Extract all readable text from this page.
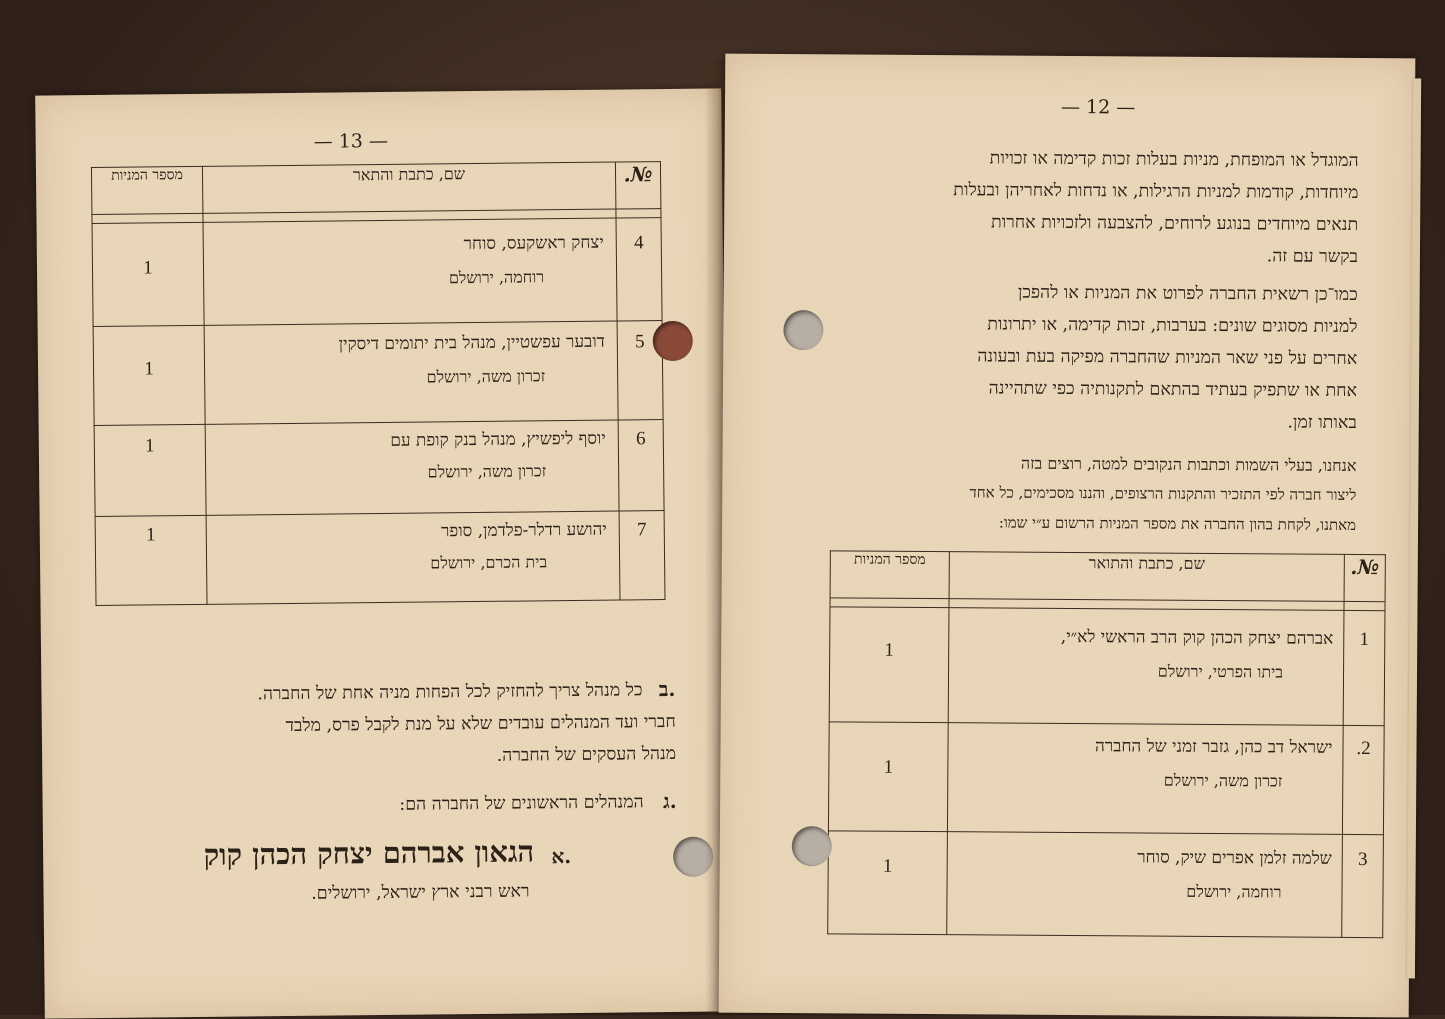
— 13 —
№.	שם, כתבת והתאר	מספר המניות

4	יצחק ראשקעס, סוחר
רוחמה, ירושלם	1
5	דובער עפשטיין, מנהל בית יתומים דיסקין
זכרון משה, ירושלם	1
6	יוסף ליפשיץ, מנהל בנק קופת עם
זכרון משה, ירושלם	1
7	יהושע רדלר-פלדמן, סופר
בית הכרם, ירושלם	1
ב.
כל מנהל צריך להחזיק לכל הפחות מניה אחת של החברה.
חברי ועד המנהלים עובדים שלא על מנת לקבל פרס, מלבד
מנהל העסקים של החברה.
ג.
המנהלים הראשונים של החברה הם:
א.
הגאון אברהם יצחק הכהן קוק
ראש רבני ארץ ישראל, ירושלים.
— 12 —
המוגדל או המופחת, מניות בעלות זכות קדימה או זכויות
מיוחדות, קודמות למניות הרגילות, או נדחות לאחריהן ובעלות
תנאים מיוחדים בנוגע לרוחים, להצבעה ולזכויות אחרות
בקשר עם זה.
כמו־כן רשאית החברה לפרוט את המניות או להפכן
למניות מסוגים שונים: בערבות, זכות קדימה, או יתרונות
אחרים על פני שאר המניות שהחברה מפיקה בעת ובעונה
אחת או שתפיק בעתיד בהתאם לתקנותיה כפי שתהיינה
באותו זמן.
אנחנו, בעלי השמות וכתבות הנקובים למטה, רוצים בזה
ליצור חברה לפי התזכיר והתקנות הרצופים, והננו מסכימים, כל אחד
מאתנו, לקחת בהון החברה את מספר המניות הרשום ע״י שמו:
№.	שם, כתבת והתואר	מספר המניות

1	אברהם יצחק הכהן קוק הרב הראשי לא״י,
ביתו הפרטי, ירושלם	1
2.	ישראל דב כהן, גזבר זמני של החברה
זכרון משה, ירושלם	1
3	שלמה זלמן אפרים שיק, סוחר
רוחמה, ירושלם	1
